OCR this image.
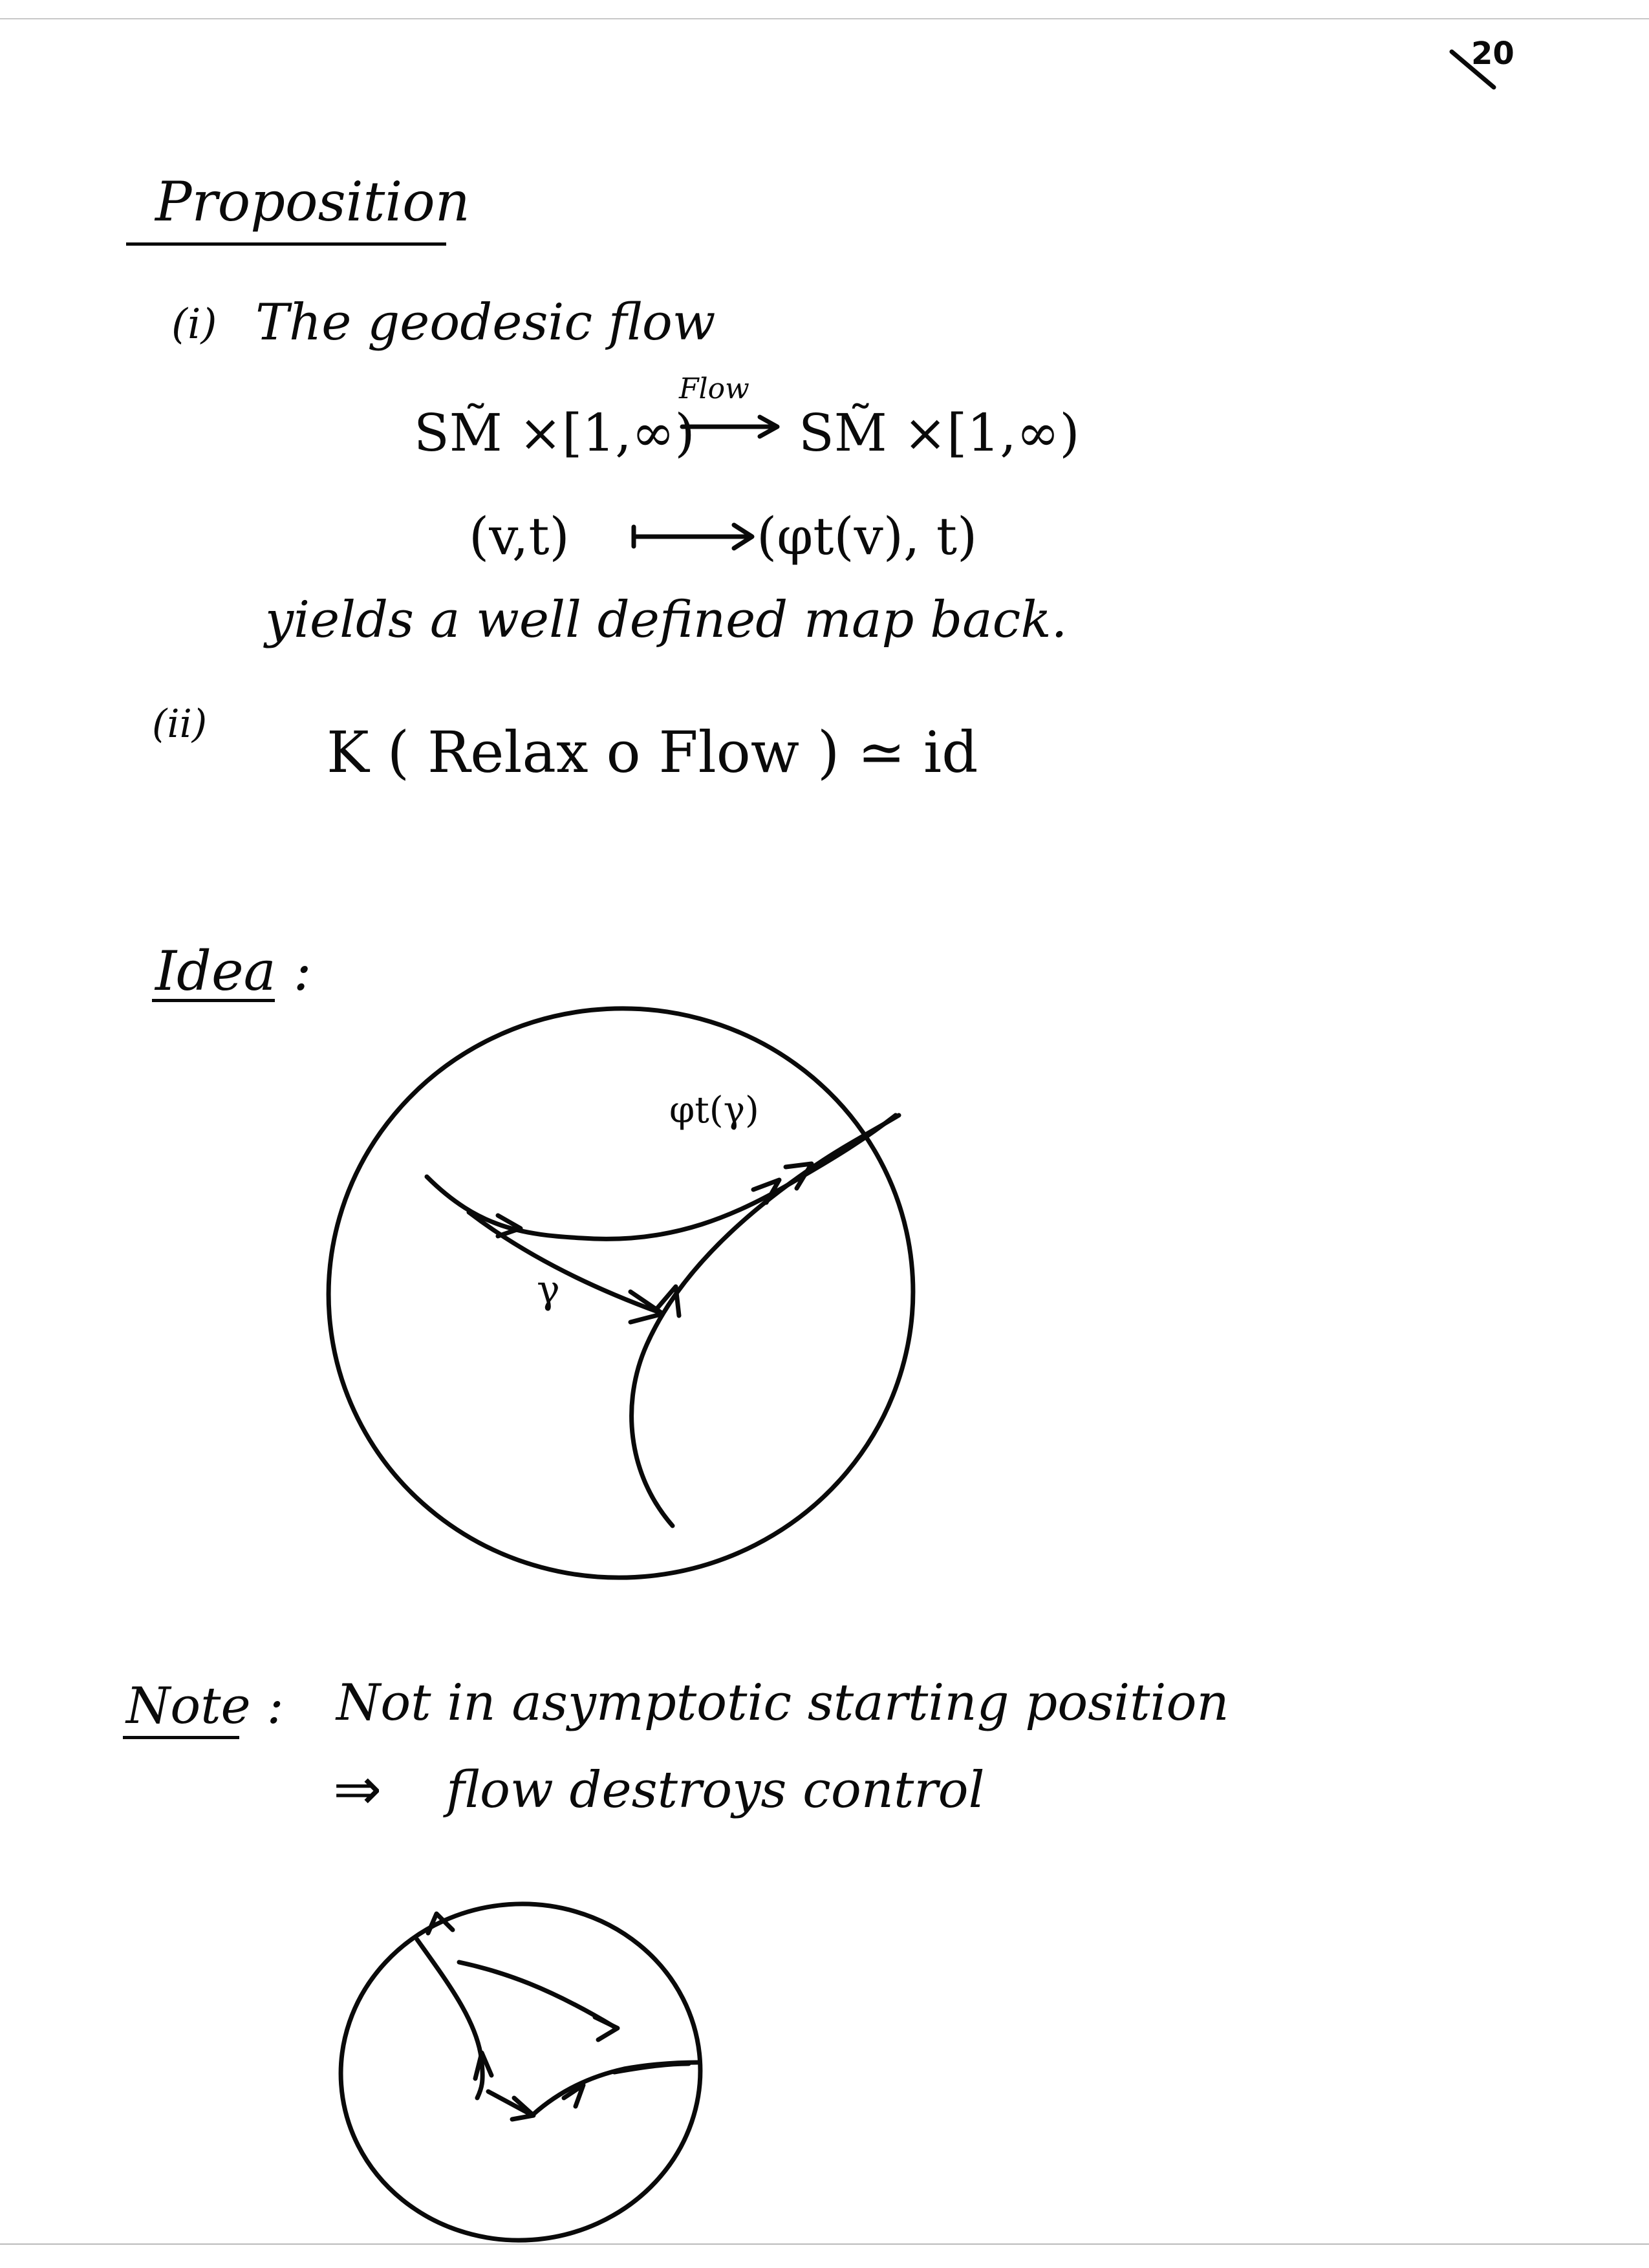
20
Proposition
(i) The geodesic flow
SM̃ ×[1,∞)
Flow
SM̃ ×[1,∞)
(v,t)	(φt(v), t)
yields a well defined map back.
(ii) K ( Relax o Flow ) ≃ id
Idea :
φt(γ)
γ
Note : Not in asymptotic starting position
⇒ flow destroys control
